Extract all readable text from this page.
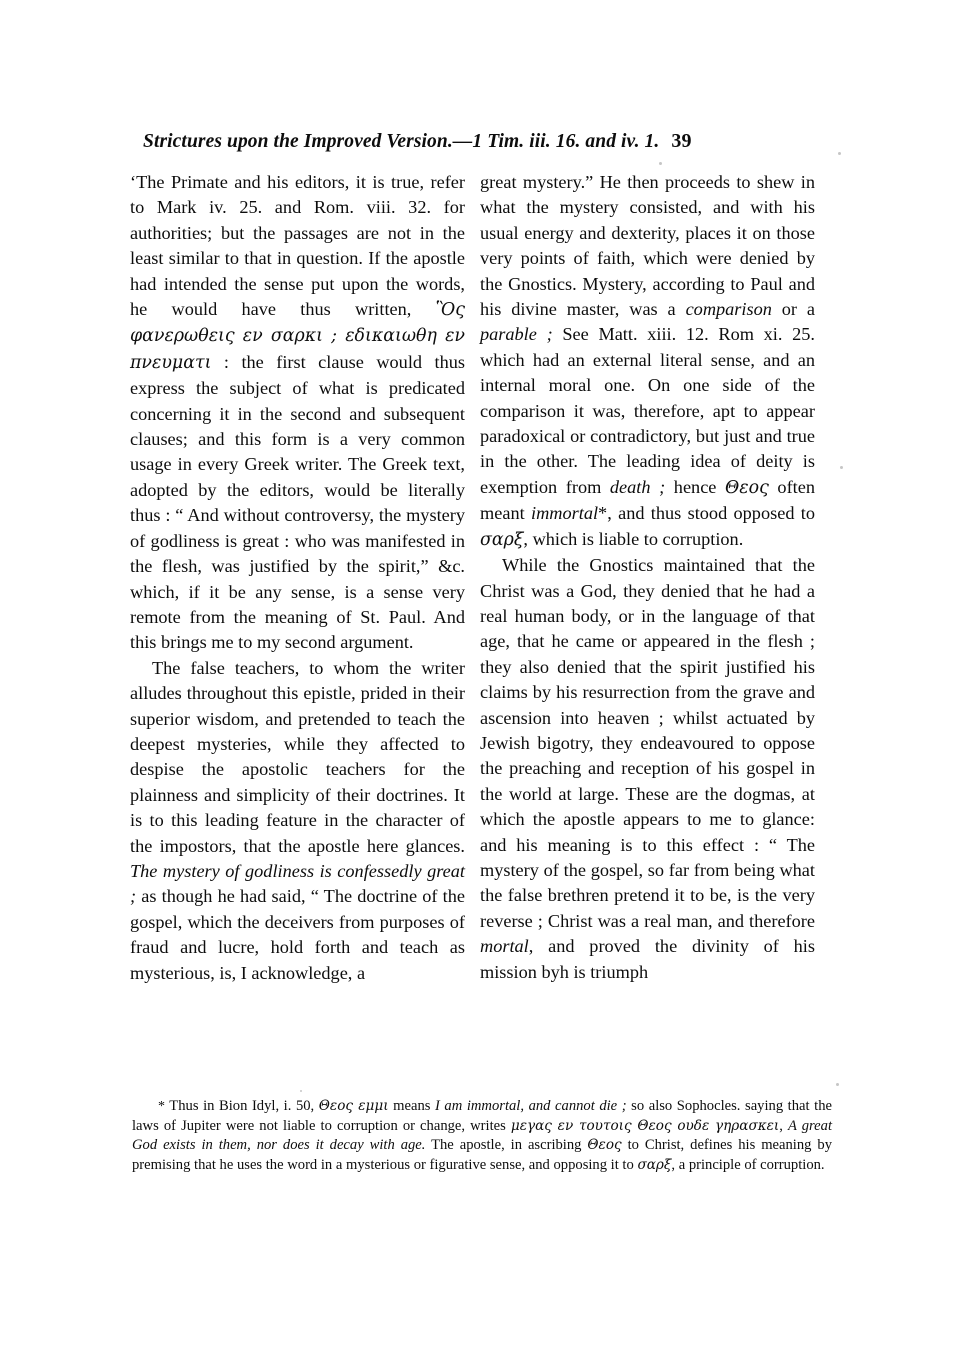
Strictures upon the Improved Version.—1 Tim. iii. 16. and iv. 1. 39

‘The Primate and his editors, it is true, refer to Mark iv. 25. and Rom. viii. 32. for authorities; but the passages are not in the least similar to that in question. If the apostle had intended the sense put upon the words, he would have thus written, Ὃς φανερωθεις εν σαρκι ; εδικαιωθη εν πνευματι : the first clause would thus express the subject of what is predicated concerning it in the second and subsequent clauses; and this form is a very common usage in every Greek writer. The Greek text, adopted by the editors, would be literally thus : “ And without controversy, the mystery of godliness is great : who was manifested in the flesh, was justified by the spirit,” &c. which, if it be any sense, is a sense very remote from the meaning of St. Paul. And this brings me to my second argument.

The false teachers, to whom the writer alludes throughout this epistle, prided in their superior wisdom, and pretended to teach the deepest mysteries, while they affected to despise the apostolic teachers for the plainness and simplicity of their doctrines. It is to this leading feature in the character of the impostors, that the apostle here glances. The mystery of godliness is confessedly great ; as though he had said, “ The doctrine of the gospel, which the deceivers from purposes of fraud and lucre, hold forth and teach as mysterious, is, I acknowledge, a

great mystery.” He then proceeds to shew in what the mystery consisted, and with his usual energy and dexterity, places it on those very points of faith, which were denied by the Gnostics. Mystery, according to Paul and his divine master, was a comparison or a parable ; See Matt. xiii. 12. Rom xi. 25. which had an external literal sense, and an internal moral one. On one side of the comparison it was, therefore, apt to appear paradoxical or contradictory, but just and true in the other. The leading idea of deity is exemption from death ; hence Θεος often meant immortal*, and thus stood opposed to σαρξ, which is liable to corruption.

While the Gnostics maintained that the Christ was a God, they denied that he had a real human body, or in the language of that age, that he came or appeared in the flesh ; they also denied that the spirit justified his claims by his resurrection from the grave and ascension into heaven ; whilst actuated by Jewish bigotry, they endeavoured to oppose the preaching and reception of his gospel in the world at large. These are the dogmas, at which the apostle appears to me to glance: and his meaning is to this effect : “ The mystery of the gospel, so far from being what the false brethren pretend it to be, is the very reverse ; Christ was a real man, and therefore mortal, and proved the divinity of his mission byh is triumph

* Thus in Bion Idyl, i. 50, Θεος εμμι means I am immortal, and cannot die ; so also Sophocles. saying that the laws of Jupiter were not liable to corruption or change, writes μεγας εν τουτοις Θεος ουδε γηρασκει, A great God exists in them, nor does it decay with age. The apostle, in ascribing Θεος to Christ, defines his meaning by premising that he uses the word in a mysterious or figurative sense, and opposing it to σαρξ, a principle of corruption.
